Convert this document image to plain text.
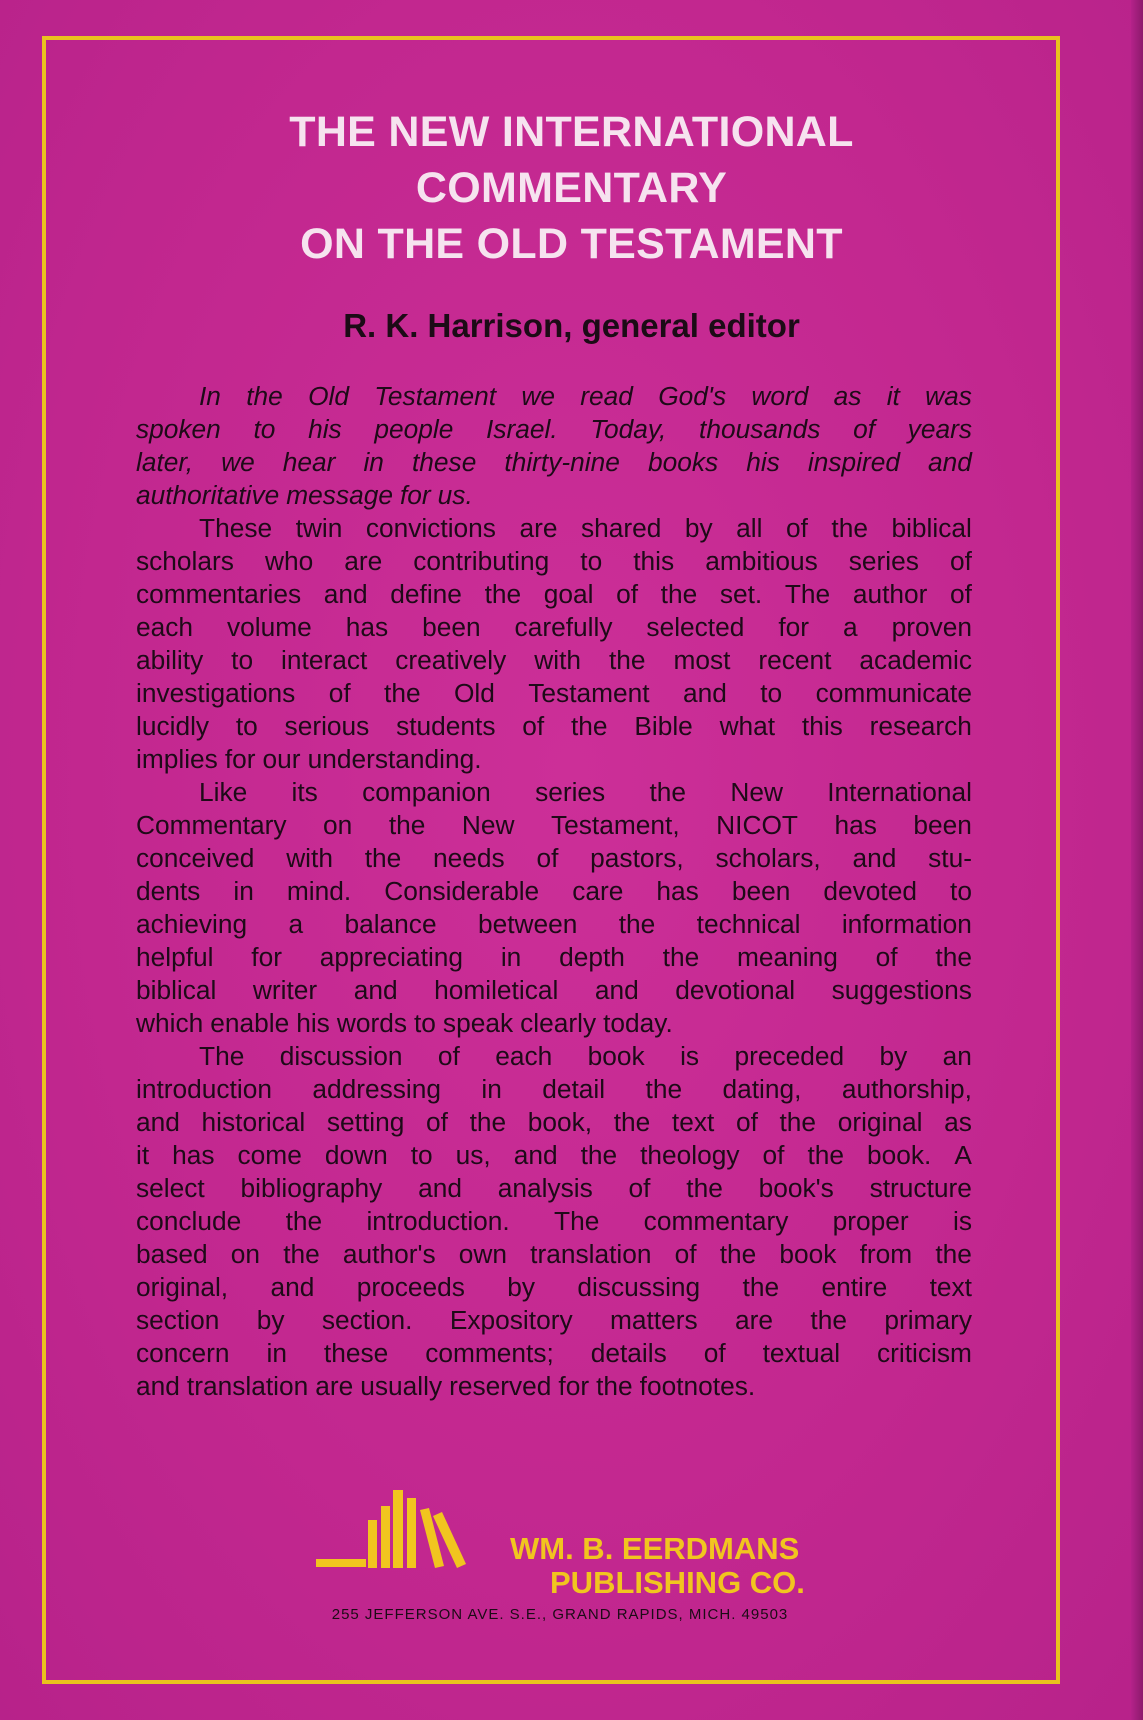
THE NEW INTERNATIONAL
COMMENTARY
ON THE OLD TESTAMENT
R. K. Harrison, general editor
In the Old Testament we read God's word as it was
spoken to his people Israel. Today, thousands of years
later, we hear in these thirty-nine books his inspired and
authoritative message for us.
These twin convictions are shared by all of the biblical
scholars who are contributing to this ambitious series of
commentaries and define the goal of the set. The author of
each volume has been carefully selected for a proven
ability to interact creatively with the most recent academic
investigations of the Old Testament and to communicate
lucidly to serious students of the Bible what this research
implies for our understanding.
Like its companion series the New International
Commentary on the New Testament, NICOT has been
conceived with the needs of pastors, scholars, and stu-
dents in mind. Considerable care has been devoted to
achieving a balance between the technical information
helpful for appreciating in depth the meaning of the
biblical writer and homiletical and devotional suggestions
which enable his words to speak clearly today.
The discussion of each book is preceded by an
introduction addressing in detail the dating, authorship,
and historical setting of the book, the text of the original as
it has come down to us, and the theology of the book. A
select bibliography and analysis of the book's structure
conclude the introduction. The commentary proper is
based on the author's own translation of the book from the
original, and proceeds by discussing the entire text
section by section. Expository matters are the primary
concern in these comments; details of textual criticism
and translation are usually reserved for the footnotes.
WM. B. EERDMANS
PUBLISHING CO.
255 JEFFERSON AVE. S.E., GRAND RAPIDS, MICH. 49503
